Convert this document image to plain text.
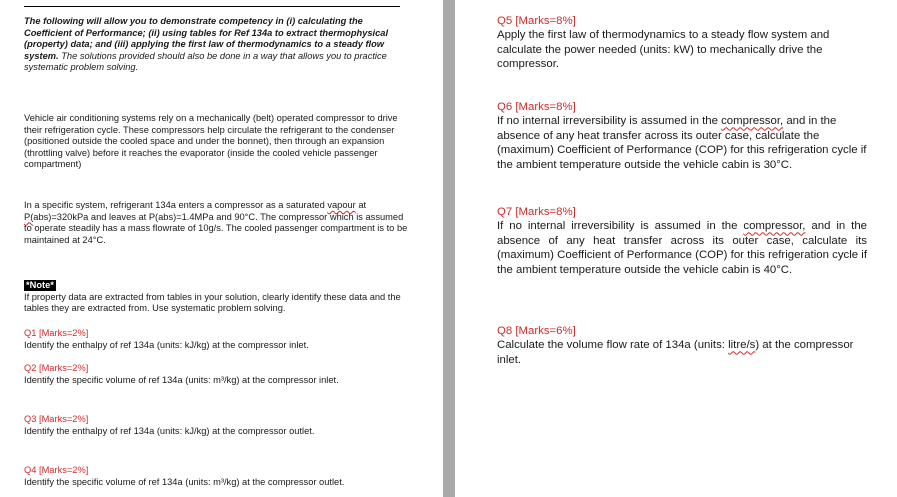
The following will allow you to demonstrate competency in (i) calculating the Coefficient of Performance; (ii) using tables for Ref 134a to extract thermophysical (property) data; and (iii) applying the first law of thermodynamics to a steady flow system. The solutions provided should also be done in a way that allows you to practice systematic problem solving.

Vehicle air conditioning systems rely on a mechanically (belt) operated compressor to drive their refrigeration cycle. These compressors help circulate the refrigerant to the condenser (positioned outside the cooled space and under the bonnet), then through an expansion (throttling valve) before it reaches the evaporator (inside the cooled vehicle passenger compartment)

In a specific system, refrigerant 134a enters a compressor as a saturated vapour at P(abs)=320kPa and leaves at P(abs)=1.4MPa and 90°C. The compressor which is assumed to operate steadily has a mass flowrate of 10g/s. The cooled passenger compartment is to be maintained at 24°C.

*Note*
If property data are extracted from tables in your solution, clearly identify these data and the tables they are extracted from. Use systematic problem solving.
Q1 [Marks=2%]
Identify the enthalpy of ref 134a (units: kJ/kg) at the compressor inlet.
Q2 [Marks=2%]
Identify the specific volume of ref 134a (units: m³/kg) at the compressor inlet.
Q3 [Marks=2%]
Identify the enthalpy of ref 134a (units: kJ/kg) at the compressor outlet.
Q4 [Marks=2%]
Identify the specific volume of ref 134a (units: m³/kg) at the compressor outlet.
Q5 [Marks=8%]
Apply the first law of thermodynamics to a steady flow system and calculate the power needed (units: kW) to mechanically drive the compressor.
Q6 [Marks=8%]
If no internal irreversibility is assumed in the compressor, and in the absence of any heat transfer across its outer case, calculate the (maximum) Coefficient of Performance (COP) for this refrigeration cycle if the ambient temperature outside the vehicle cabin is 30°C.
Q7 [Marks=8%]
If no internal irreversibility is assumed in the compressor, and in the absence of any heat transfer across its outer case, calculate its (maximum) Coefficient of Performance (COP) for this refrigeration cycle if the ambient temperature outside the vehicle cabin is 40°C.
Q8 [Marks=6%]
Calculate the volume flow rate of 134a (units: litre/s) at the compressor inlet.
